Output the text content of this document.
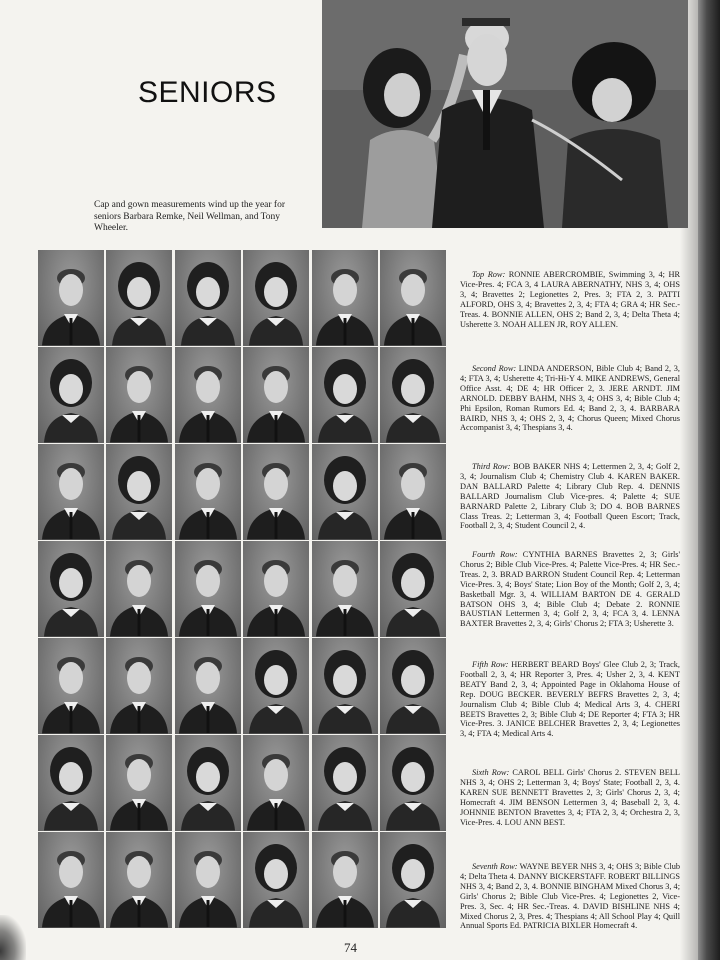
SENIORS

Cap and gown measurements wind up the year for seniors Barbara Remke, Neil Wellman, and Tony Wheeler.

Top Row: RONNIE ABERCROMBIE, Swimming 3, 4; HR Vice-Pres. 4; FCA 3, 4 LAURA ABERNATHY, NHS 3, 4; OHS 3, 4; Bravettes 2; Legionettes 2, Pres. 3; FTA 2, 3. PATTI ALFORD, OHS 3, 4; Bravettes 2, 3, 4; FTA 4; GRA 4; HR Sec.-Treas. 4. BONNIE ALLEN, OHS 2; Band 2, 3, 4; Delta Theta 4; Usherette 3. NOAH ALLEN JR, ROY ALLEN.

Second Row: LINDA ANDERSON, Bible Club 4; Band 2, 3, 4; FTA 3, 4; Usherette 4; Tri-Hi-Y 4. MIKE ANDREWS, General Office Asst. 4; DE 4; HR Officer 2, 3. JERE ARNDT. JIM ARNOLD. DEBBY BAHM, NHS 3, 4; OHS 3, 4; Bible Club 4; Phi Epsilon, Roman Rumors Ed. 4; Band 2, 3, 4. BARBARA BAIRD, NHS 3, 4; OHS 2, 3, 4; Chorus Queen; Mixed Chorus Accompanist 3, 4; Thespians 3, 4.

Third Row: BOB BAKER NHS 4; Lettermen 2, 3, 4; Golf 2, 3, 4; Journalism Club 4; Chemistry Club 4. KAREN BAKER. DAN BALLARD Palette 4; Library Club Rep. 4. DENNIS BALLARD Journalism Club Vice-pres. 4; Palette 4; SUE BARNARD Palette 2, Library Club 3; DO 4. BOB BARNES Class Treas. 2; Letterman 3, 4; Football Queen Escort; Track, Football 2, 3, 4; Student Council 2, 4.

Fourth Row: CYNTHIA BARNES Bravettes 2, 3; Girls' Chorus 2; Bible Club Vice-Pres. 4; Palette Vice-Pres. 4; HR Sec.-Treas. 2, 3. BRAD BARRON Student Council Rep. 4; Letterman Vice-Pres. 3, 4; Boys' State; Lion Boy of the Month; Golf 2, 3, 4; Basketball Mgr. 3, 4. WILLIAM BARTON DE 4. GERALD BATSON OHS 3, 4; Bible Club 4; Debate 2. RONNIE BAUSTIAN Lettermen 3, 4; Golf 2, 3, 4; FCA 3, 4. LENNA BAXTER Bravettes 2, 3, 4; Girls' Chorus 2; FTA 3; Usherette 3.

Fifth Row: HERBERT BEARD Boys' Glee Club 2, 3; Track, Football 2, 3, 4; HR Reporter 3, Pres. 4; Usher 2, 3, 4. KENT BEATY Band 2, 3, 4; Appointed Page in Oklahoma House of Rep. DOUG BECKER. BEVERLY BEFRS Bravettes 2, 3, 4; Journalism Club 4; Bible Club 4; Medical Arts 3, 4. CHERI BEETS Bravettes 2, 3; Bible Club 4; DE Reporter 4; FTA 3; HR Vice-Pres. 3. JANICE BELCHER Bravettes 2, 3, 4; Legionettes 3, 4; FTA 4; Medical Arts 4.

Sixth Row: CAROL BELL Girls' Chorus 2. STEVEN BELL NHS 3, 4; OHS 2; Letterman 3, 4; Boys' State; Football 2, 3, 4. KAREN SUE BENNETT Bravettes 2, 3; Girls' Chorus 2, 3, 4; Homecraft 4. JIM BENSON Lettermen 3, 4; Baseball 2, 3, 4. JOHNNIE BENTON Bravettes 3, 4; FTA 2, 3, 4; Orchestra 2, 3, Vice-Pres. 4. LOU ANN BEST.

Seventh Row: WAYNE BEYER NHS 3, 4; OHS 3; Bible Club 4; Delta Theta 4. DANNY BICKERSTAFF. ROBERT BILLINGS NHS 3, 4; Band 2, 3, 4. BONNIE BINGHAM Mixed Chorus 3, 4; Girls' Chorus 2; Bible Club Vice-Pres. 4; Legionettes 2, Vice-Pres. 3, Sec. 4; HR Sec.-Treas. 4. DAVID BISHLINE NHS 4; Mixed Chorus 2, 3, Pres. 4; Thespians 4; All School Play 4; Quill Annual Sports Ed. PATRICIA BIXLER Homecraft 4.

74
